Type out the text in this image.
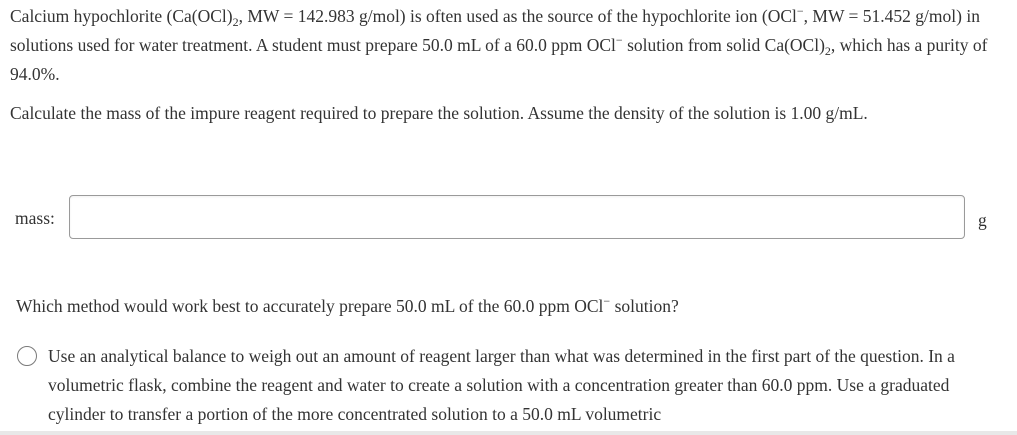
Calcium hypochlorite ($Ca(OCl)_2$, MW = 142.983 g/mol) is often used as the source of the hypochlorite ion (OCl−, MW = 51.452 g/mol) in solutions used for water treatment. A student must prepare 50.0 mL of a 60.0 ppm OCl− solution from solid $Ca(OCl)_2$, which has a purity of 94.0%.

Calculate the mass of the impure reagent required to prepare the solution. Assume the density of the solution is 1.00 g/mL.

mass:	g

Which method would work best to accurately prepare 50.0 mL of the 60.0 ppm OCl− solution?

Use an analytical balance to weigh out an amount of reagent larger than what was determined in the first part of the question. In a volumetric flask, combine the reagent and water to create a solution with a concentration greater than 60.0 ppm. Use a graduated cylinder to transfer a portion of the more concentrated solution to a 50.0 mL volumetric
